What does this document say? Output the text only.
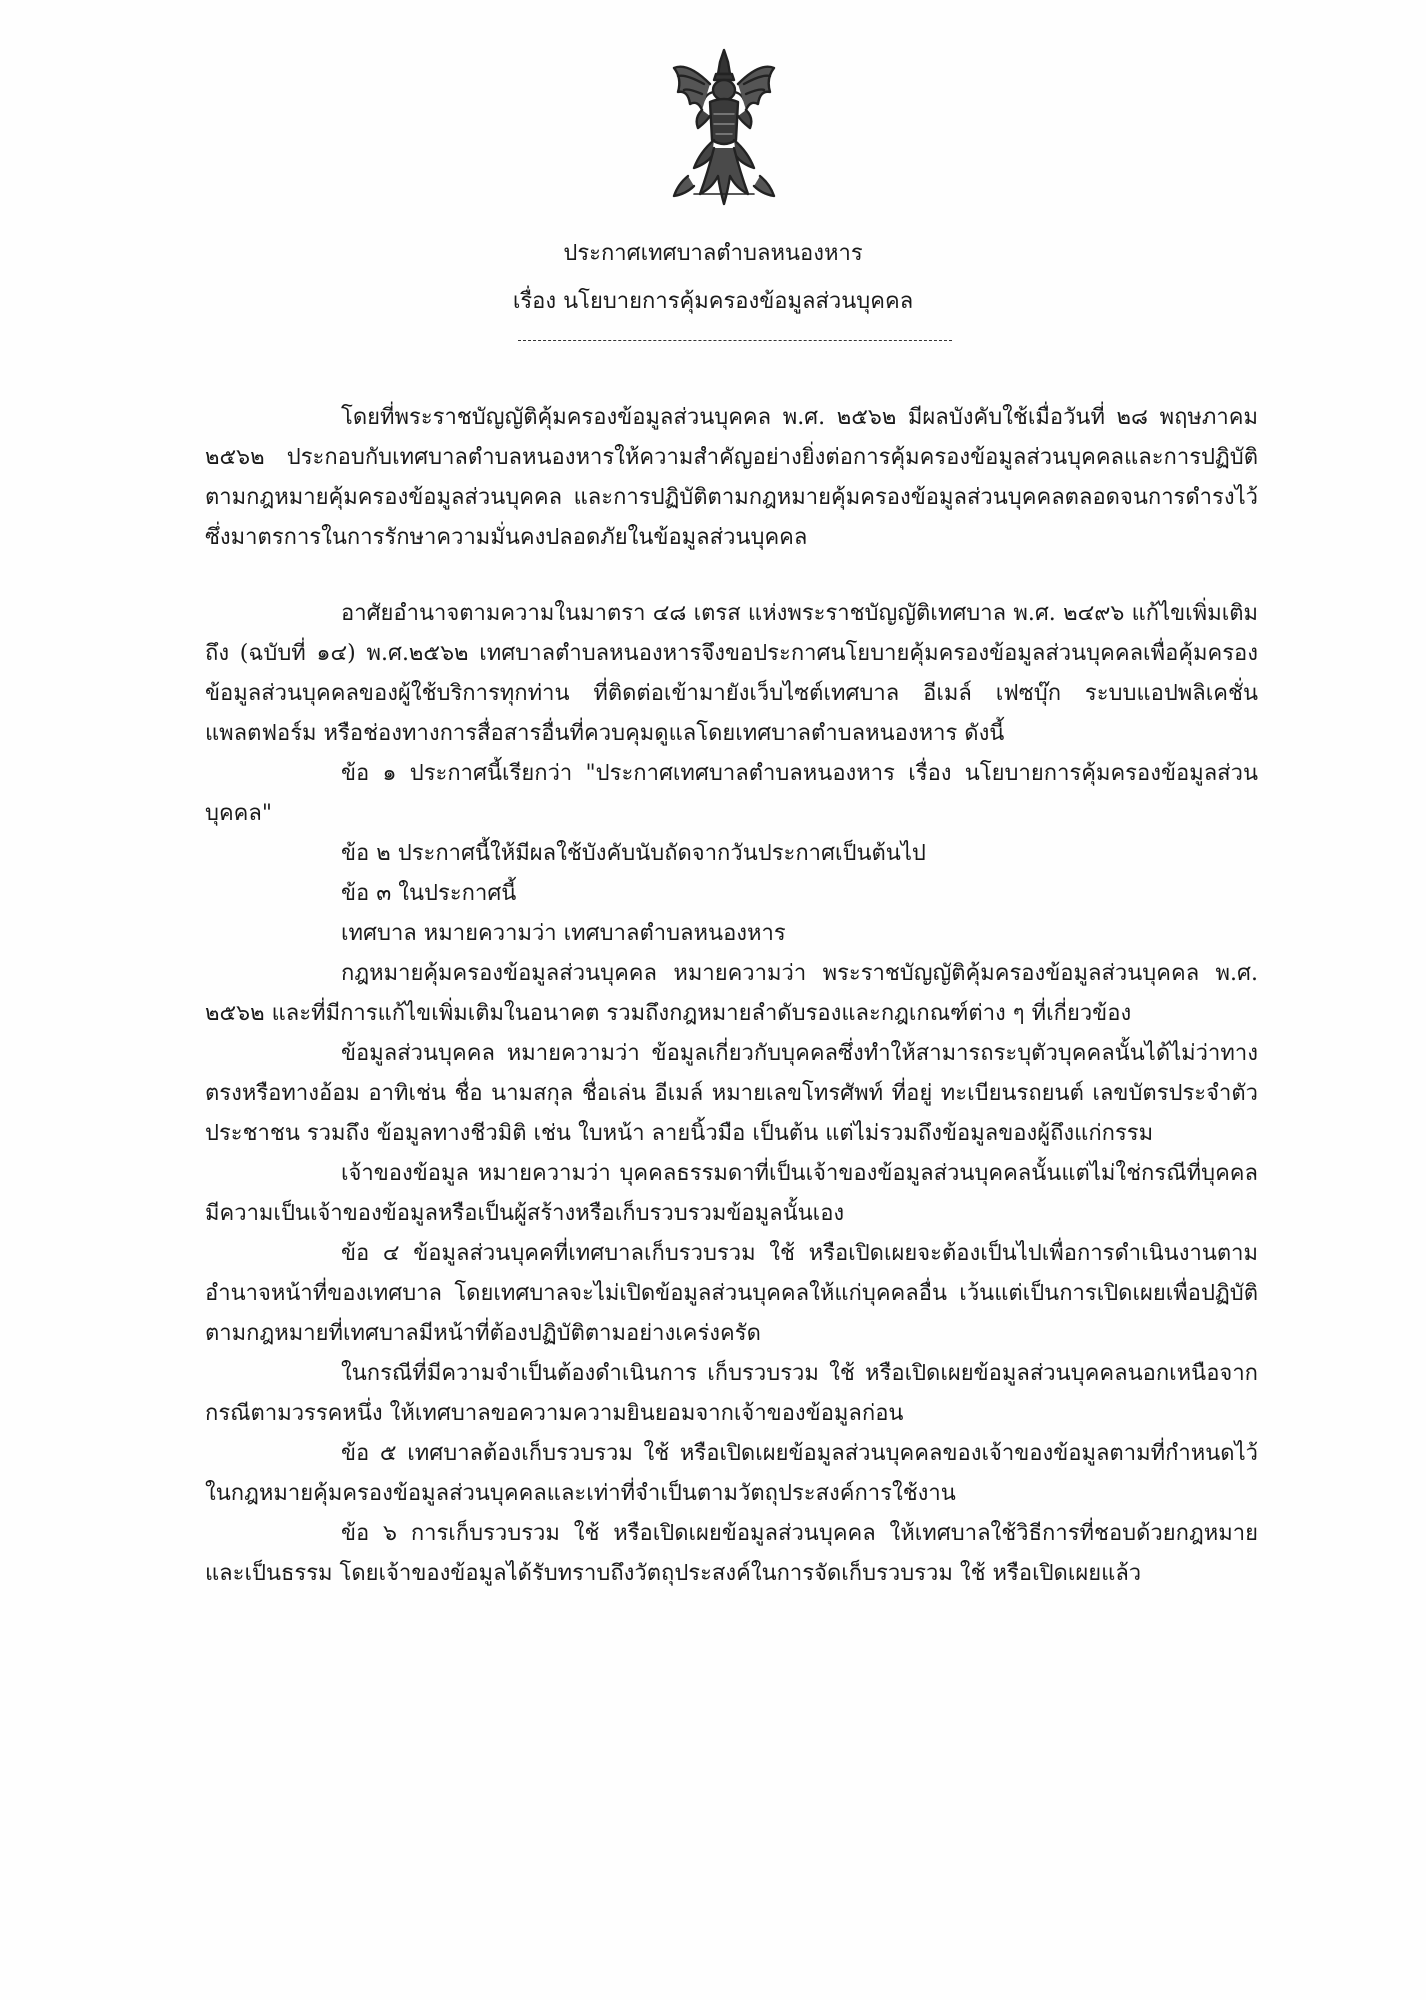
ประกาศเทศบาลตำบลหนองหาร
เรื่อง นโยบายการคุ้มครองข้อมูลส่วนบุคคล

โดยที่พระราชบัญญัติคุ้มครองข้อมูลส่วนบุคคล พ.ศ. ๒๕๖๒ มีผลบังคับใช้เมื่อวันที่ ๒๘ พฤษภาคม ๒๕๖๒ ประกอบกับเทศบาลตำบลหนองหารให้ความสำคัญอย่างยิ่งต่อการคุ้มครองข้อมูลส่วนบุคคลและการปฏิบัติตามกฎหมายคุ้มครองข้อมูลส่วนบุคคล และการปฏิบัติตามกฎหมายคุ้มครองข้อมูลส่วนบุคคลตลอดจนการดำรงไว้ซึ่งมาตรการในการรักษาความมั่นคงปลอดภัยในข้อมูลส่วนบุคคล

อาศัยอำนาจตามความในมาตรา ๔๘ เตรส แห่งพระราชบัญญัติเทศบาล พ.ศ. ๒๔๙๖ แก้ไขเพิ่มเติมถึง (ฉบับที่ ๑๔) พ.ศ.๒๕๖๒ เทศบาลตำบลหนองหารจึงขอประกาศนโยบายคุ้มครองข้อมูลส่วนบุคคลเพื่อคุ้มครองข้อมูลส่วนบุคคลของผู้ใช้บริการทุกท่าน ที่ติดต่อเข้ามายังเว็บไซต์เทศบาล อีเมล์ เฟซบุ๊ก ระบบแอปพลิเคชั่น แพลตฟอร์ม หรือช่องทางการสื่อสารอื่นที่ควบคุมดูแลโดยเทศบาลตำบลหนองหาร ดังนี้

ข้อ ๑ ประกาศนี้เรียกว่า "ประกาศเทศบาลตำบลหนองหาร เรื่อง นโยบายการคุ้มครองข้อมูลส่วนบุคคล"

ข้อ ๒ ประกาศนี้ให้มีผลใช้บังคับนับถัดจากวันประกาศเป็นต้นไป

ข้อ ๓ ในประกาศนี้

เทศบาล หมายความว่า เทศบาลตำบลหนองหาร

กฎหมายคุ้มครองข้อมูลส่วนบุคคล หมายความว่า พระราชบัญญัติคุ้มครองข้อมูลส่วนบุคคล พ.ศ. ๒๕๖๒ และที่มีการแก้ไขเพิ่มเติมในอนาคต รวมถึงกฎหมายลำดับรองและกฎเกณฑ์ต่าง ๆ ที่เกี่ยวข้อง

ข้อมูลส่วนบุคคล หมายความว่า ข้อมูลเกี่ยวกับบุคคลซึ่งทำให้สามารถระบุตัวบุคคลนั้นได้ไม่ว่าทางตรงหรือทางอ้อม อาทิเช่น ชื่อ นามสกุล ชื่อเล่น อีเมล์ หมายเลขโทรศัพท์ ที่อยู่ ทะเบียนรถยนต์ เลขบัตรประจำตัวประชาชน รวมถึง ข้อมูลทางชีวมิติ เช่น ใบหน้า ลายนิ้วมือ เป็นต้น แต่ไม่รวมถึงข้อมูลของผู้ถึงแก่กรรม

เจ้าของข้อมูล หมายความว่า บุคคลธรรมดาที่เป็นเจ้าของข้อมูลส่วนบุคคลนั้นแต่ไม่ใช่กรณีที่บุคคลมีความเป็นเจ้าของข้อมูลหรือเป็นผู้สร้างหรือเก็บรวบรวมข้อมูลนั้นเอง

ข้อ ๔ ข้อมูลส่วนบุคคที่เทศบาลเก็บรวบรวม ใช้ หรือเปิดเผยจะต้องเป็นไปเพื่อการดำเนินงานตามอำนาจหน้าที่ของเทศบาล โดยเทศบาลจะไม่เปิดข้อมูลส่วนบุคคลให้แก่บุคคลอื่น เว้นแต่เป็นการเปิดเผยเพื่อปฏิบัติตามกฎหมายที่เทศบาลมีหน้าที่ต้องปฏิบัติตามอย่างเคร่งครัด

ในกรณีที่มีความจำเป็นต้องดำเนินการ เก็บรวบรวม ใช้ หรือเปิดเผยข้อมูลส่วนบุคคลนอกเหนือจากกรณีตามวรรคหนึ่ง ให้เทศบาลขอความความยินยอมจากเจ้าของข้อมูลก่อน

ข้อ ๕ เทศบาลต้องเก็บรวบรวม ใช้ หรือเปิดเผยข้อมูลส่วนบุคคลของเจ้าของข้อมูลตามที่กำหนดไว้ในกฎหมายคุ้มครองข้อมูลส่วนบุคคลและเท่าที่จำเป็นตามวัตถุประสงค์การใช้งาน

ข้อ ๖ การเก็บรวบรวม ใช้ หรือเปิดเผยข้อมูลส่วนบุคคล ให้เทศบาลใช้วิธีการที่ชอบด้วยกฎหมายและเป็นธรรม โดยเจ้าของข้อมูลได้รับทราบถึงวัตถุประสงค์ในการจัดเก็บรวบรวม ใช้ หรือเปิดเผยแล้ว
